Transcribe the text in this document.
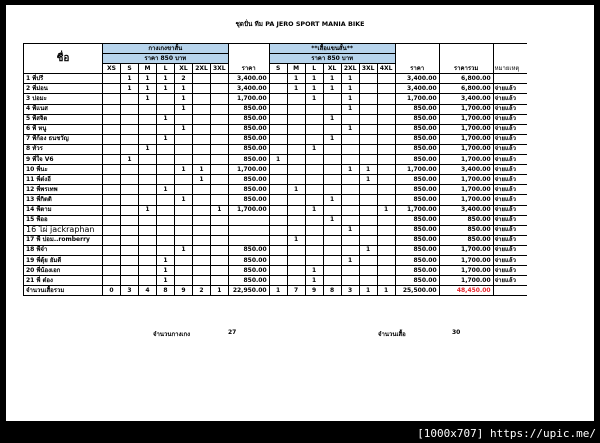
ชุดปั่น ทีม PA JERO SPORT MANIA BIKE
ชื่อ	กางเกงขาสั้น							ราคา	**เสื้อแขนสั้น**							ราคา	ราคารวม	หมายเหตุ
	ราคา 850 บาท								ราคา 850 บาท									
	XS	S	M	L	XL	2XL	3XL		S	M	L	XL	2XL	3XL	4XL			
1 พี่ปรี		1	1	1	2			3,400.00		1	1	1	1			3,400.00	6,800.00	
2 พี่ม่อน		1	1	1	1			3,400.00		1	1	1	1			3,400.00	6,800.00	จ่ายแล้ว
3 ปอมะ			1		1			1,700.00			1		1			1,700.00	3,400.00	จ่ายแล้ว
4 พี่แนส					1			850.00					1			850.00	1,700.00	จ่ายแล้ว
5 พี่สจิต				1				850.00				1				850.00	1,700.00	จ่ายแล้ว
6 พี่ หนู					1			850.00					1			850.00	1,700.00	จ่ายแล้ว
7 พี่ก้อง ธนชวัญ				1				850.00				1				850.00	1,700.00	จ่ายแล้ว
8 ทัวร			1					850.00			1					850.00	1,700.00	จ่ายแล้ว
9 พี่ใจ V6		1						850.00	1							850.00	1,700.00	จ่ายแล้ว
10 พี่นะ					1	1		1,700.00					1	1		1,700.00	3,400.00	จ่ายแล้ว
11 พี่ต๋งอี						1		850.00						1		850.00	1,700.00	จ่ายแล้ว
12 พี่พรเทพ				1				850.00		1						850.00	1,700.00	จ่ายแล้ว
13 พี่กิตติ					1			850.00				1				850.00	1,700.00	จ่ายแล้ว
14 พี่ตาม			1				1	1,700.00			1				1	1,700.00	3,400.00	จ่ายแล้ว
15 พี่ออ												1				850.00	850.00	จ่ายแล้ว
16 ไผ่ jackraphan													1			850.00	850.00	จ่ายแล้ว
17 พี่ ปอม..romberry										1						850.00	850.00	จ่ายแล้ว
18 พี่จ๋า					1			850.00						1		850.00	1,700.00	จ่ายแล้ว
19 พี่ตุ้ย ยัมดี				1				850.00					1			850.00	1,700.00	จ่ายแล้ว
20 พี่น้องเอก				1				850.00			1					850.00	1,700.00	จ่ายแล้ว
21 พี่ ต๋อง				1				850.00			1					850.00	1,700.00	จ่ายแล้ว
จำนวนเสื้อรวม	0	3	4	8	9	2	1	22,950.00	1	7	9	8	3	1	1	25,500.00	48,450.00	
จำนวนกางเกง	27	จำนวนเสื้อ	30
[1000x707] https://upic.me/
